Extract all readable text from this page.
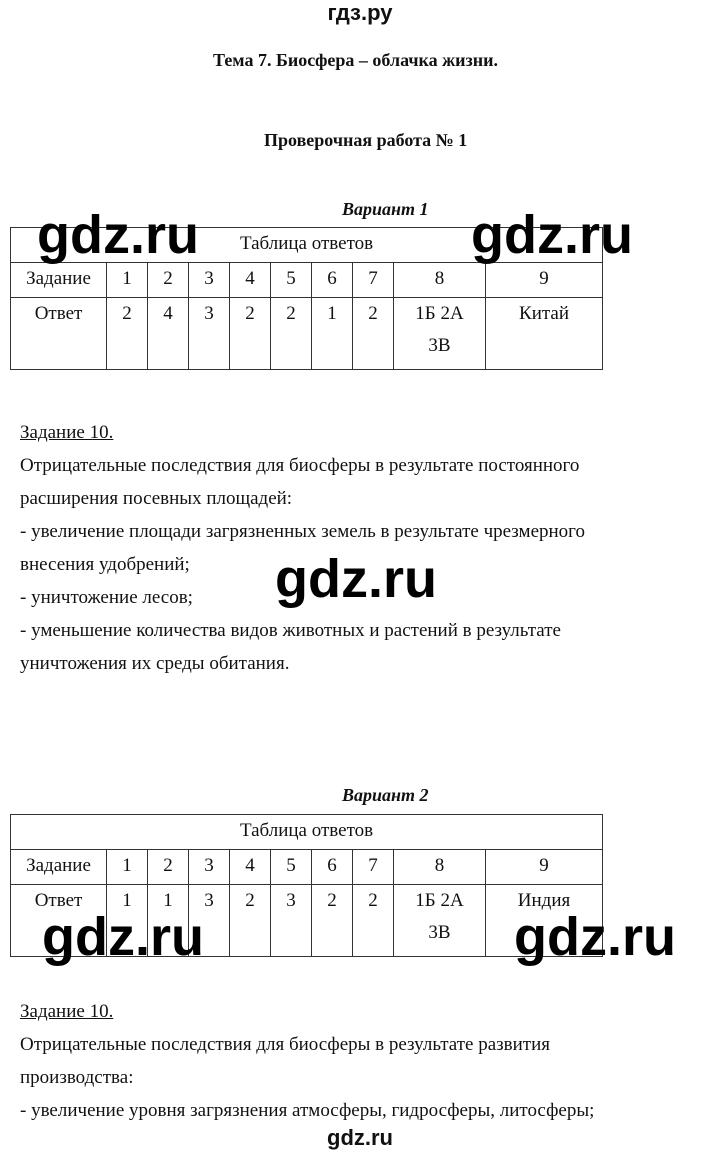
гдз.ру
Тема 7. Биосфера – облачка жизни.
Проверочная работа № 1
Вариант 1
Таблица ответов									
Задание	1	2	3	4	5	6	7	8	9
Ответ	2	4	3	2	2	1	2	1Б 2А 3В	Китай
Задание 10.
Отрицательные последствия для биосферы в результате постоянного
расширения посевных площадей:
- увеличение площади загрязненных земель в результате чрезмерного
внесения удобрений;
- уничтожение лесов;
- уменьшение количества видов животных и растений в результате
уничтожения их среды обитания.
Вариант 2
Таблица ответов									
Задание	1	2	3	4	5	6	7	8	9
Ответ	1	1	3	2	3	2	2	1Б 2А 3В	Индия
Задание 10.
Отрицательные последствия для биосферы в результате развития
производства:
- увеличение уровня загрязнения атмосферы, гидросферы, литосферы;
gdz.ru	gdz.ru
gdz.ru
gdz.ru	gdz.ru
gdz.ru
